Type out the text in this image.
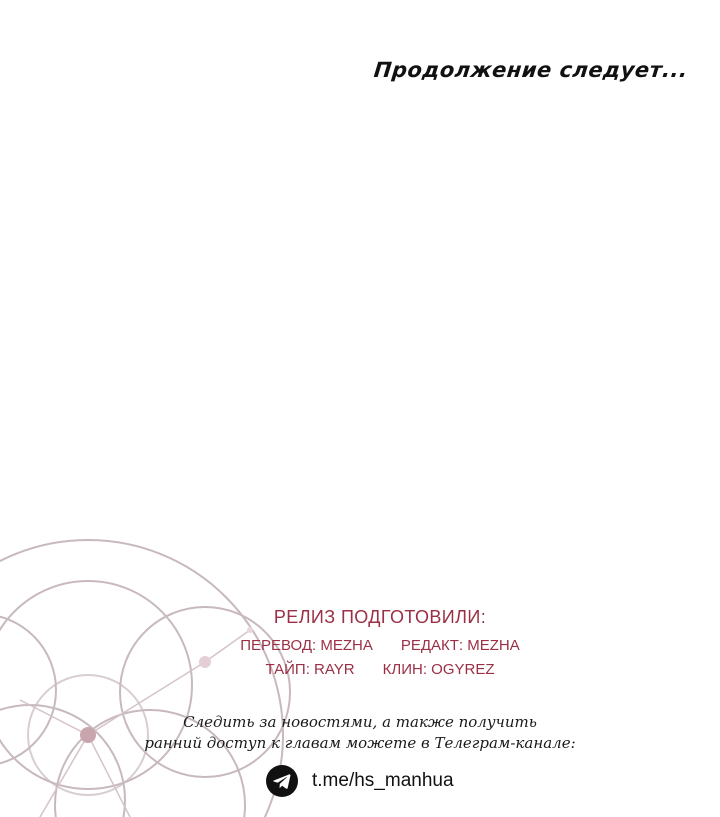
Продолжение следует...
РЕЛИЗ ПОДГОТОВИЛИ:
ПЕРЕВОД: MEZHA РЕДАКТ: MEZHA
ТАЙП: RAYR КЛИН: OGYREZ
Следить за новостями, а также получить
ранний доступ к главам можете в Телеграм-канале:
t.me/hs_manhua
